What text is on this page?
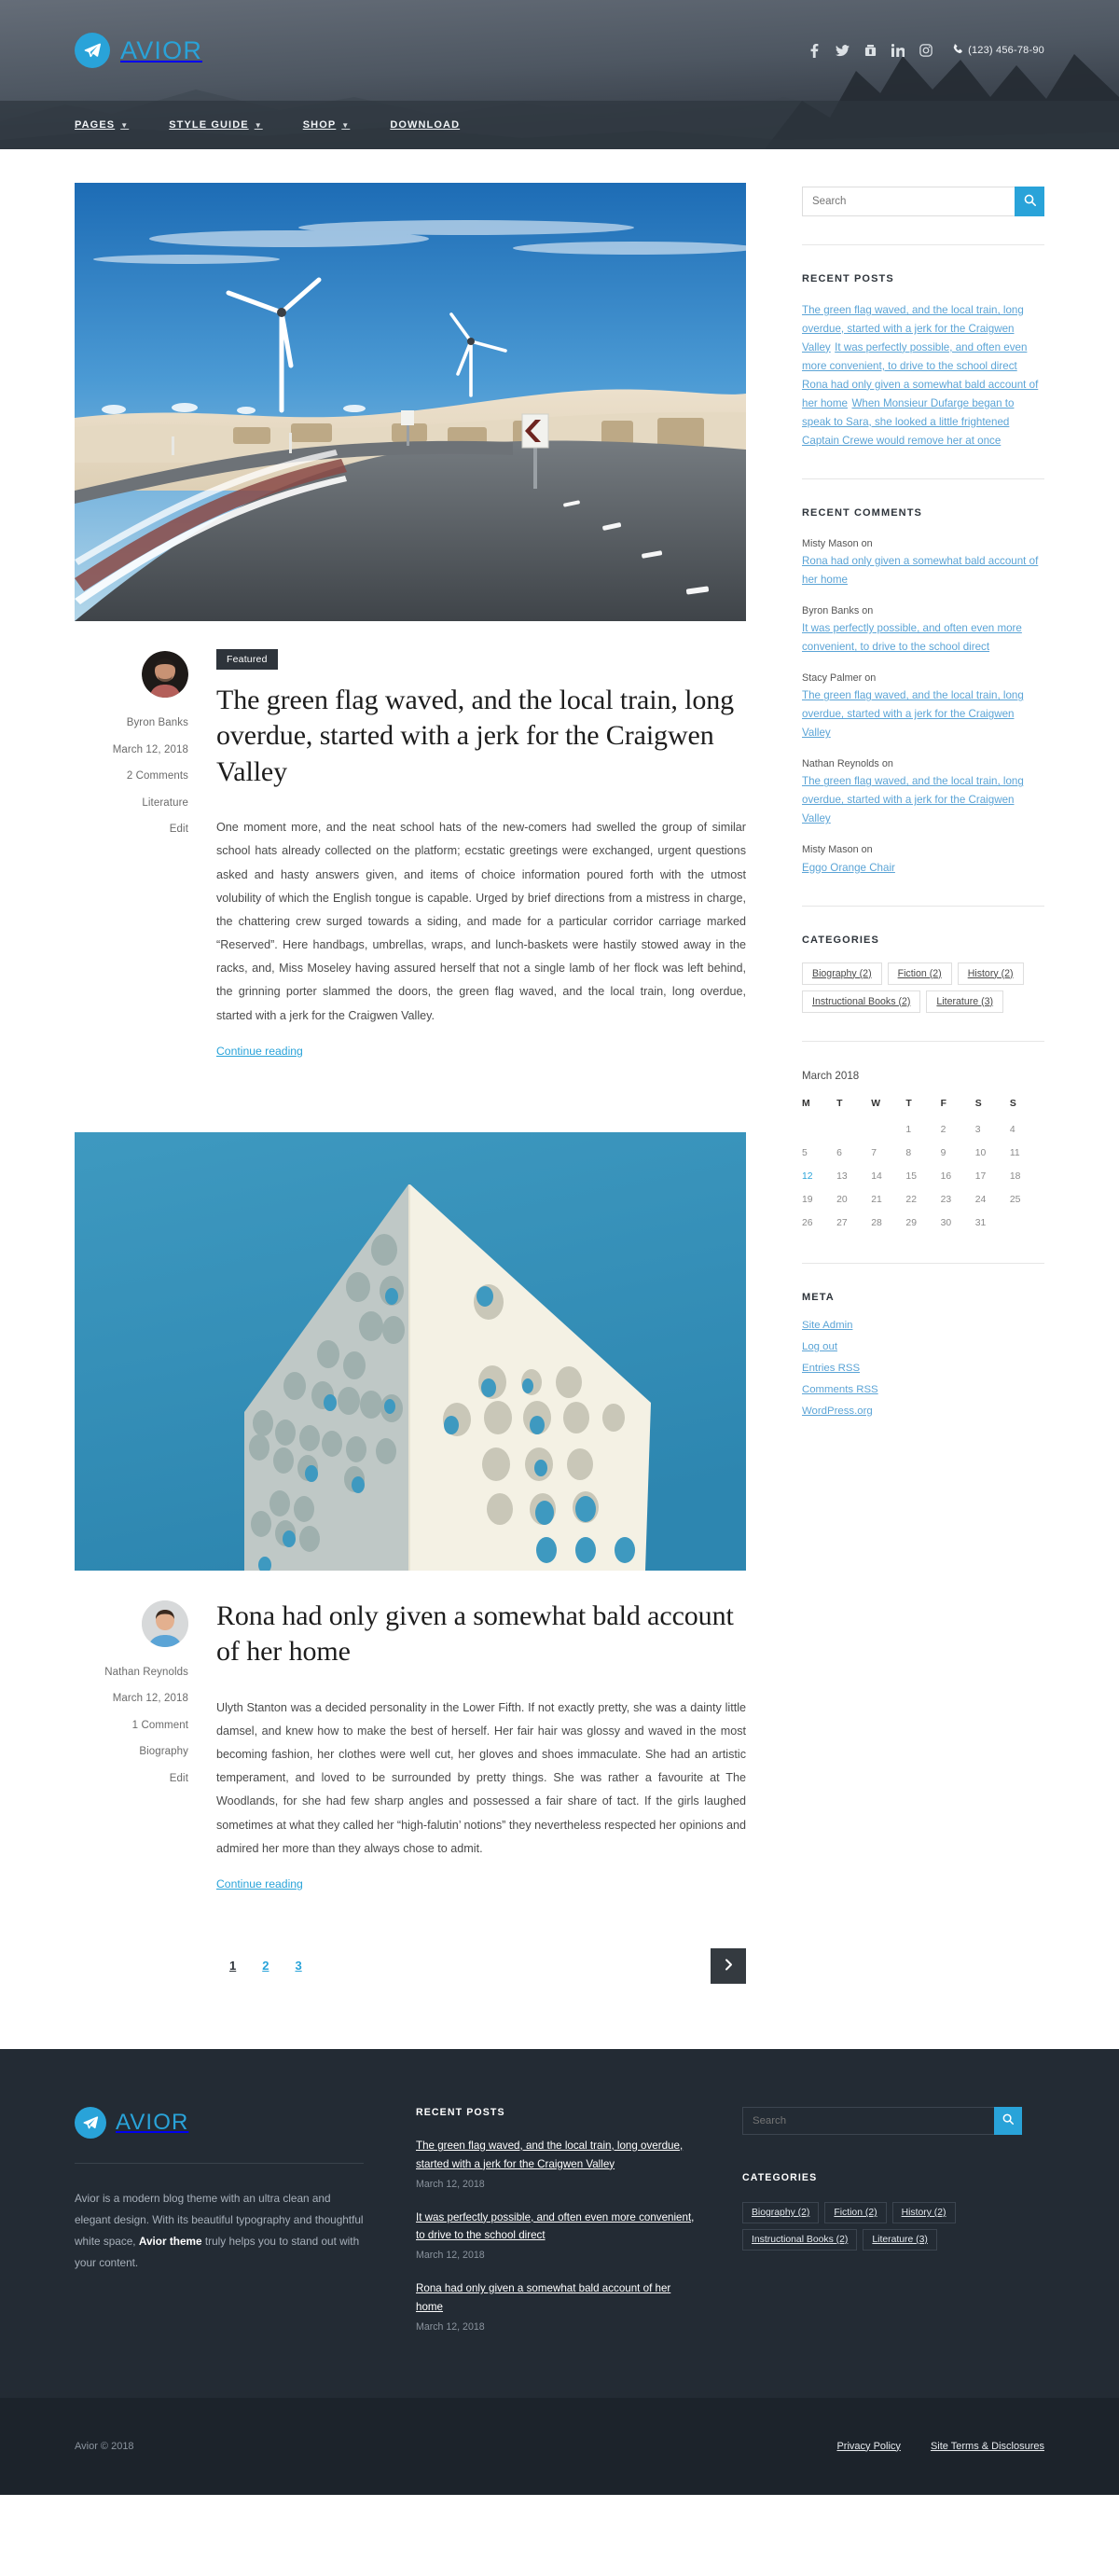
AVIOR	(123) 456-78-90
PAGES ▼	STYLE GUIDE ▼	SHOP ▼	DOWNLOAD
Byron Banks
March 12, 2018
2 Comments
Literature
Edit
Featured
The green flag waved, and the local train, long overdue, started with a jerk for the Craigwen Valley

One moment more, and the neat school hats of the new-comers had swelled the group of similar school hats already collected on the platform; ecstatic greetings were exchanged, urgent questions asked and hasty answers given, and items of choice information poured forth with the utmost volubility of which the English tongue is capable. Urged by brief directions from a mistress in charge, the chattering crew surged towards a siding, and made for a particular corridor carriage marked “Reserved”. Here handbags, umbrellas, wraps, and lunch-baskets were hastily stowed away in the racks, and, Miss Moseley having assured herself that not a single lamb of her flock was left behind, the grinning porter slammed the doors, the green flag waved, and the local train, long overdue, started with a jerk for the Craigwen Valley.

Continue reading
Nathan Reynolds
March 12, 2018
1 Comment
Biography
Edit
Rona had only given a somewhat bald account of her home

Ulyth Stanton was a decided personality in the Lower Fifth. If not exactly pretty, she was a dainty little damsel, and knew how to make the best of herself. Her fair hair was glossy and waved in the most becoming fashion, her clothes were well cut, her gloves and shoes immaculate. She had an artistic temperament, and loved to be surrounded by pretty things. She was rather a favourite at The Woodlands, for she had few sharp angles and possessed a fair share of tact. If the girls laughed sometimes at what they called her “high-falutin’ notions” they nevertheless respected her opinions and admired her more than they always chose to admit.

Continue reading
1	2	3
Search
RECENT POSTS
The green flag waved, and the local train, long overdue, started with a jerk for the Craigwen Valley It was perfectly possible, and often even more convenient, to drive to the school direct Rona had only given a somewhat bald account of her home When Monsieur Dufarge began to speak to Sara, she looked a little frightened Captain Crewe would remove her at once
RECENT COMMENTS
Misty Mason on
Rona had only given a somewhat bald account of her home
Byron Banks on
It was perfectly possible, and often even more convenient, to drive to the school direct
Stacy Palmer on
The green flag waved, and the local train, long overdue, started with a jerk for the Craigwen Valley
Nathan Reynolds on
The green flag waved, and the local train, long overdue, started with a jerk for the Craigwen Valley
Misty Mason on
Eggo Orange Chair
CATEGORIES
Biography (2)	Fiction (2)	History (2)
Instructional Books (2)	Literature (3)
March 2018
M	T	W	T	F	S	S
			1	2	3	4
5	6	7	8	9	10	11
12	13	14	15	16	17	18
19	20	21	22	23	24	25
26	27	28	29	30	31	
META
Site Admin
Log out
Entries RSS
Comments RSS
WordPress.org
AVIOR

Avior is a modern blog theme with an ultra clean and elegant design. With its beautiful typography and thoughtful white space, Avior theme truly helps you to stand out with your content.

RECENT POSTS
The green flag waved, and the local train, long overdue, started with a jerk for the Craigwen Valley
March 12, 2018
It was perfectly possible, and often even more convenient, to drive to the school direct
March 12, 2018
Rona had only given a somewhat bald account of her home
March 12, 2018
Search
CATEGORIES
Biography (2)	Fiction (2)	History (2)
Instructional Books (2)	Literature (3)
Avior © 2018	Privacy Policy	Site Terms & Disclosures
